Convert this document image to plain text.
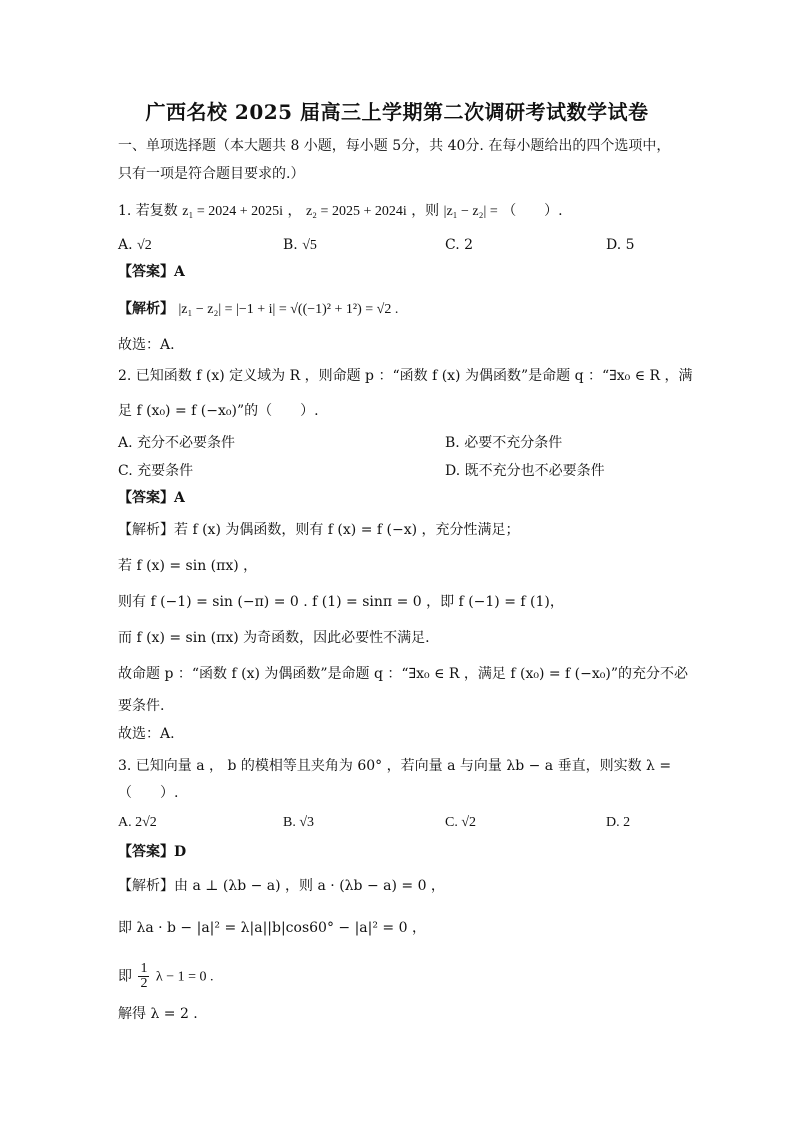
广西名校 2025 届高三上学期第二次调研考试数学试卷
一、单项选择题（本大题共 8 小题，每小题 5分，共 40分. 在每小题给出的四个选项中，
只有一项是符合题目要求的.）
1. 若复数 z₁ = 2024 + 2025i ， z₂ = 2025 + 2024i ，则 |z₁ − z₂| = （　　）.
A. √2	B. √5	C. 2	D. 5
【答案】A
【解析】 |z₁ − z₂| = |−1 + i| = √((−1)² + 1²) = √2 .
故选：A.
2. 已知函数 f (x) 定义域为 R ，则命题 p ：“函数 f (x) 为偶函数”是命题 q ：“∃x₀ ∈ R ，满
足 f (x₀) = f (−x₀)”的（　　）.
A. 充分不必要条件	B. 必要不充分条件
C. 充要条件	D. 既不充分也不必要条件
【答案】A
【解析】若 f (x) 为偶函数，则有 f (x) = f (−x) ，充分性满足；
若 f (x) = sin (πx) ，
则有 f (−1) = sin (−π) = 0 . f (1) = sinπ = 0 ，即 f (−1) = f (1)，
而 f (x) = sin (πx) 为奇函数，因此必要性不满足.
故命题 p ：“函数 f (x) 为偶函数”是命题 q ：“∃x₀ ∈ R ，满足 f (x₀) = f (−x₀)”的充分不必
要条件.
故选：A.
3. 已知向量 a ， b 的模相等且夹角为 60° ，若向量 a 与向量 λb − a 垂直，则实数 λ =
（　　）.
A. 2√2	B. √3	C. √2	D. 2
【答案】D
【解析】由 a ⊥ (λb − a) ，则 a · (λb − a) = 0 ，
即 λa · b − |a|² = λ|a||b|cos60° − |a|² = 0 ，
即 $\frac{1}{2}$ λ − 1 = 0 .
解得 λ = 2 .
